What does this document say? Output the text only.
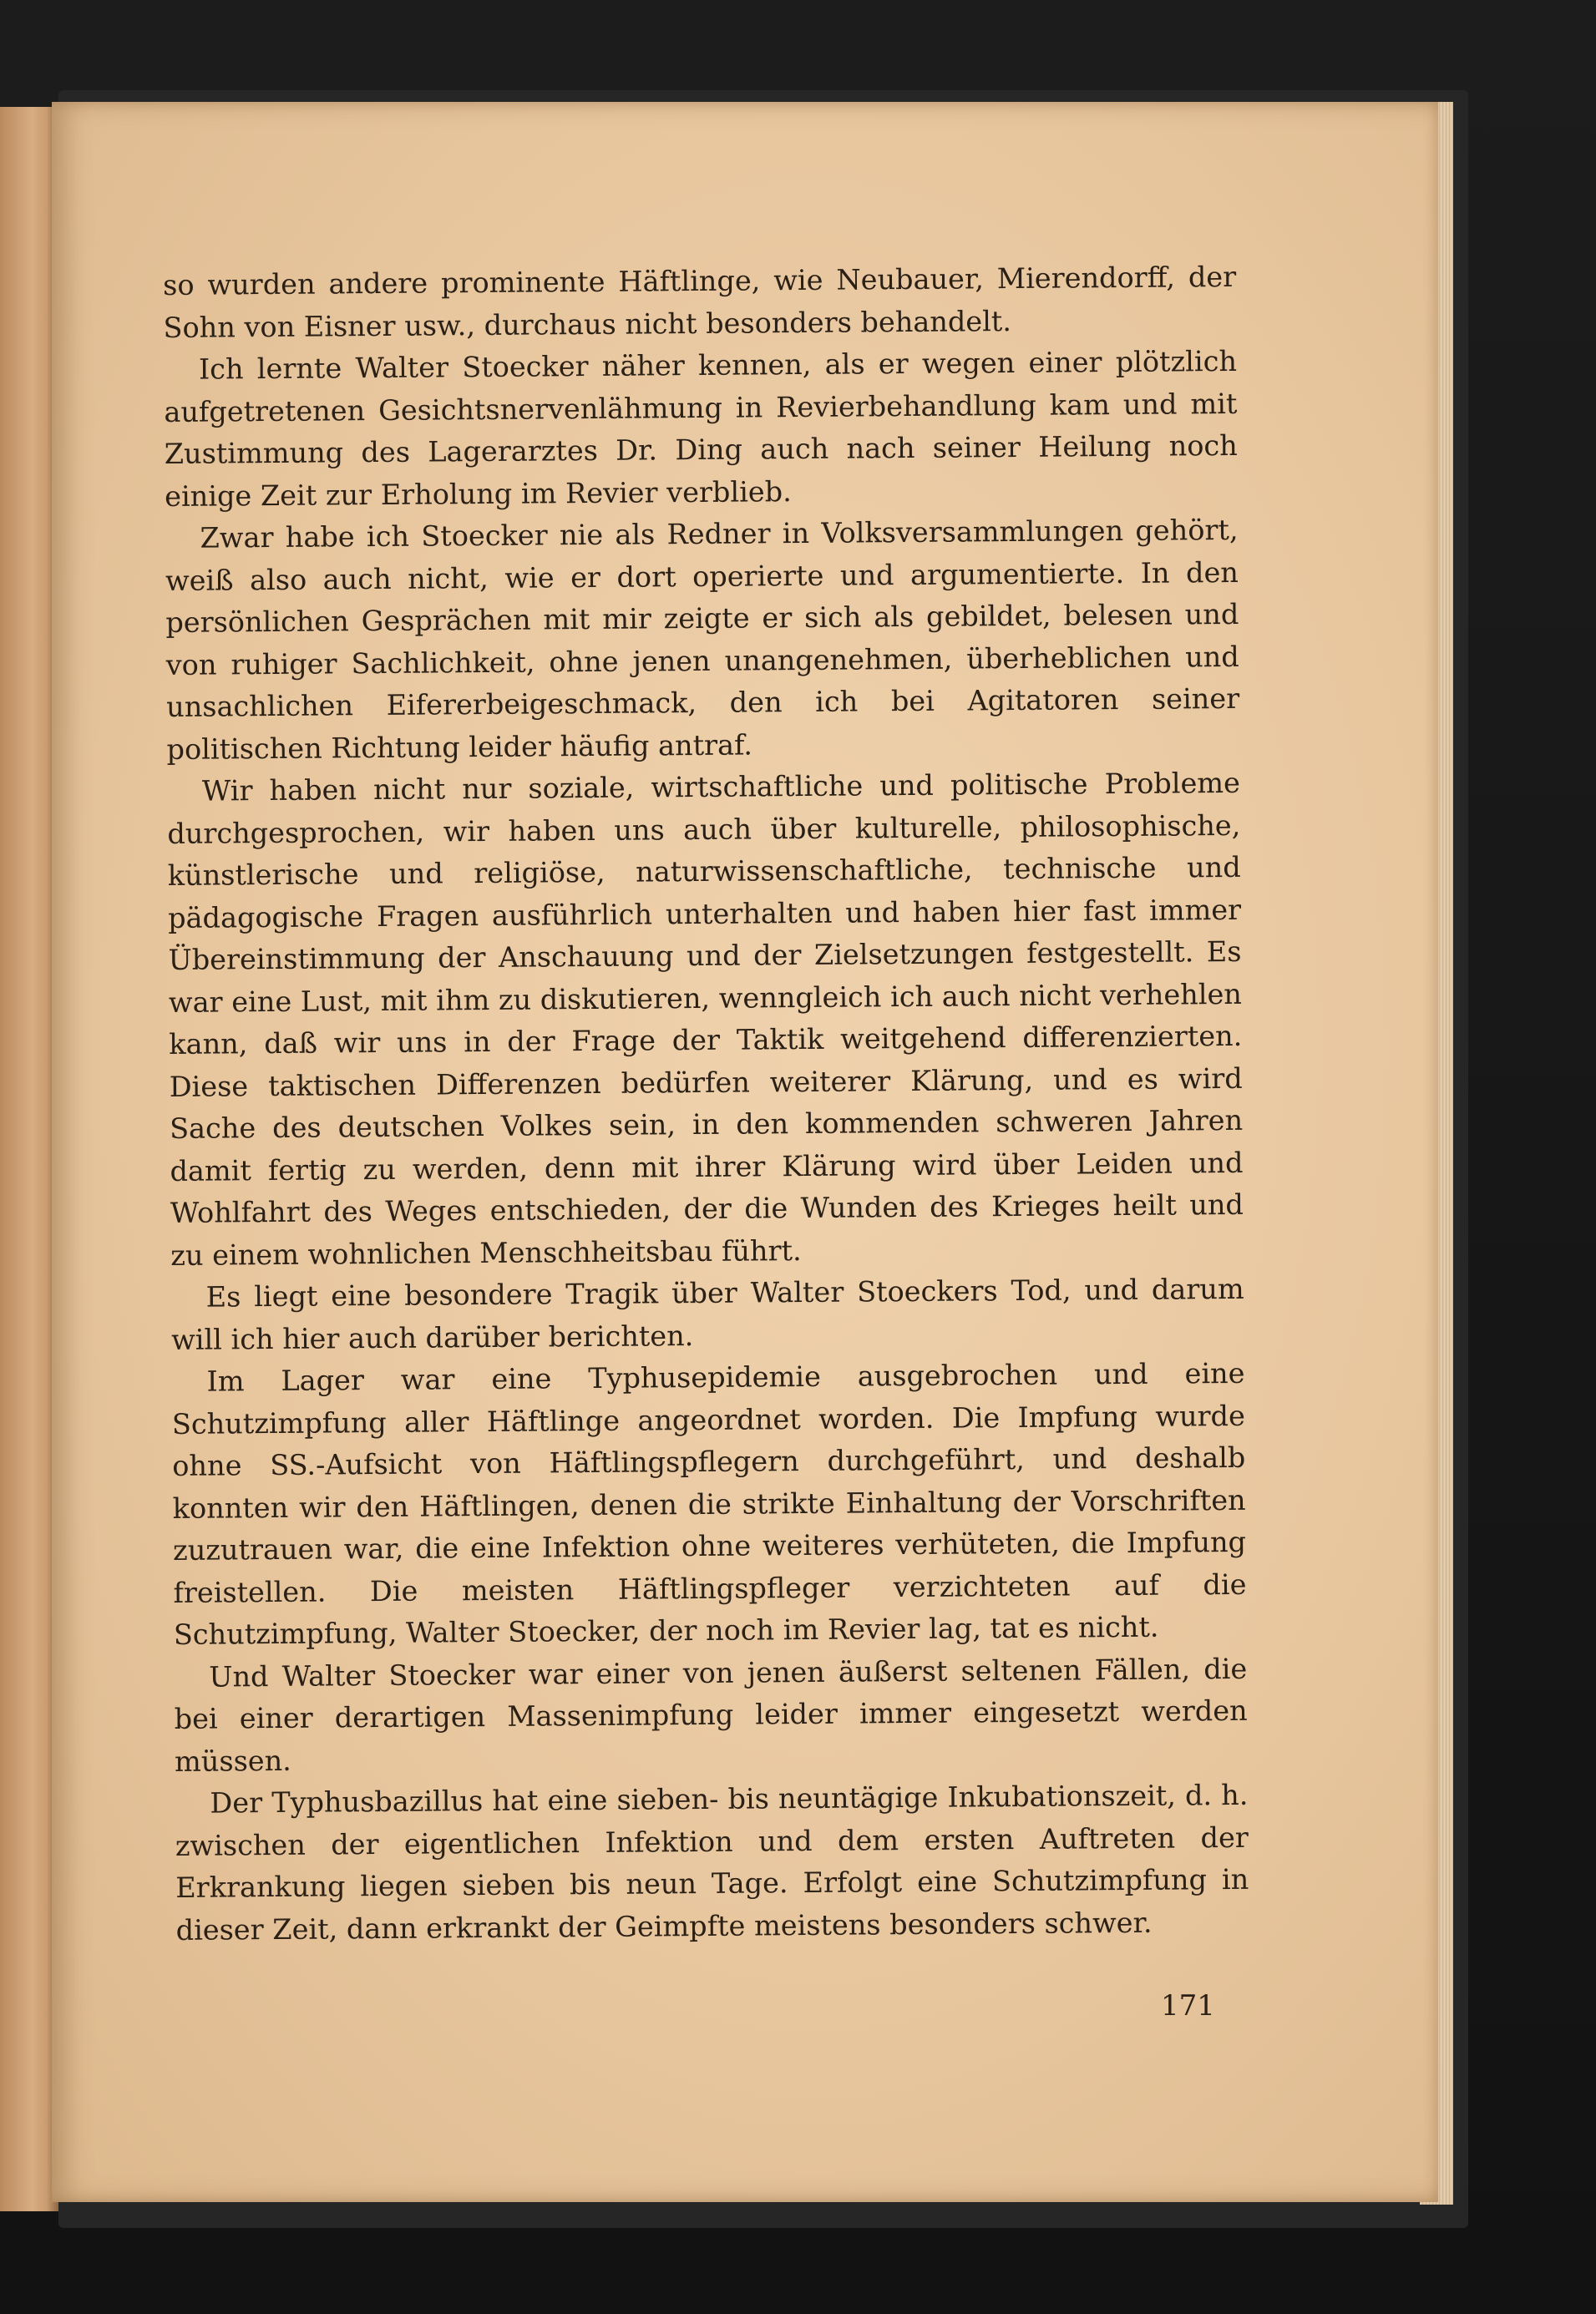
so wurden andere prominente Häftlinge, wie Neubauer, Mierendorff, der Sohn von Eisner usw., durchaus nicht besonders behandelt.

Ich lernte Walter Stoecker näher kennen, als er wegen einer plötzlich aufgetretenen Gesichtsnervenlähmung in Revierbehandlung kam und mit Zustimmung des Lagerarztes Dr. Ding auch nach seiner Heilung noch einige Zeit zur Erholung im Revier verblieb.

Zwar habe ich Stoecker nie als Redner in Volksversammlungen gehört, weiß also auch nicht, wie er dort operierte und argumentierte. In den persönlichen Gesprächen mit mir zeigte er sich als gebildet, belesen und von ruhiger Sachlichkeit, ohne jenen unangenehmen, überheblichen und unsachlichen Eifererbeigeschmack, den ich bei Agitatoren seiner politischen Richtung leider häufig antraf.

Wir haben nicht nur soziale, wirtschaftliche und politische Probleme durchgesprochen, wir haben uns auch über kulturelle, philosophische, künstlerische und religiöse, naturwissenschaftliche, technische und pädagogische Fragen ausführlich unterhalten und haben hier fast immer Übereinstimmung der Anschauung und der Zielsetzungen festgestellt. Es war eine Lust, mit ihm zu diskutieren, wenngleich ich auch nicht verhehlen kann, daß wir uns in der Frage der Taktik weitgehend differenzierten. Diese taktischen Differenzen bedürfen weiterer Klärung, und es wird Sache des deutschen Volkes sein, in den kommenden schweren Jahren damit fertig zu werden, denn mit ihrer Klärung wird über Leiden und Wohlfahrt des Weges entschieden, der die Wunden des Krieges heilt und zu einem wohnlichen Menschheitsbau führt.

Es liegt eine besondere Tragik über Walter Stoeckers Tod, und darum will ich hier auch darüber berichten.

Im Lager war eine Typhusepidemie ausgebrochen und eine Schutzimpfung aller Häftlinge angeordnet worden. Die Impfung wurde ohne SS.-Aufsicht von Häftlingspflegern durchgeführt, und deshalb konnten wir den Häftlingen, denen die strikte Einhaltung der Vorschriften zuzutrauen war, die eine Infektion ohne weiteres verhüteten, die Impfung freistellen. Die meisten Häftlingspfleger verzichteten auf die Schutzimpfung, Walter Stoecker, der noch im Revier lag, tat es nicht.

Und Walter Stoecker war einer von jenen äußerst seltenen Fällen, die bei einer derartigen Massenimpfung leider immer eingesetzt werden müssen.

Der Typhusbazillus hat eine sieben- bis neuntägige Inkubationszeit, d. h. zwischen der eigentlichen Infektion und dem ersten Auftreten der Erkrankung liegen sieben bis neun Tage. Erfolgt eine Schutzimpfung in dieser Zeit, dann erkrankt der Geimpfte meistens besonders schwer.

171
